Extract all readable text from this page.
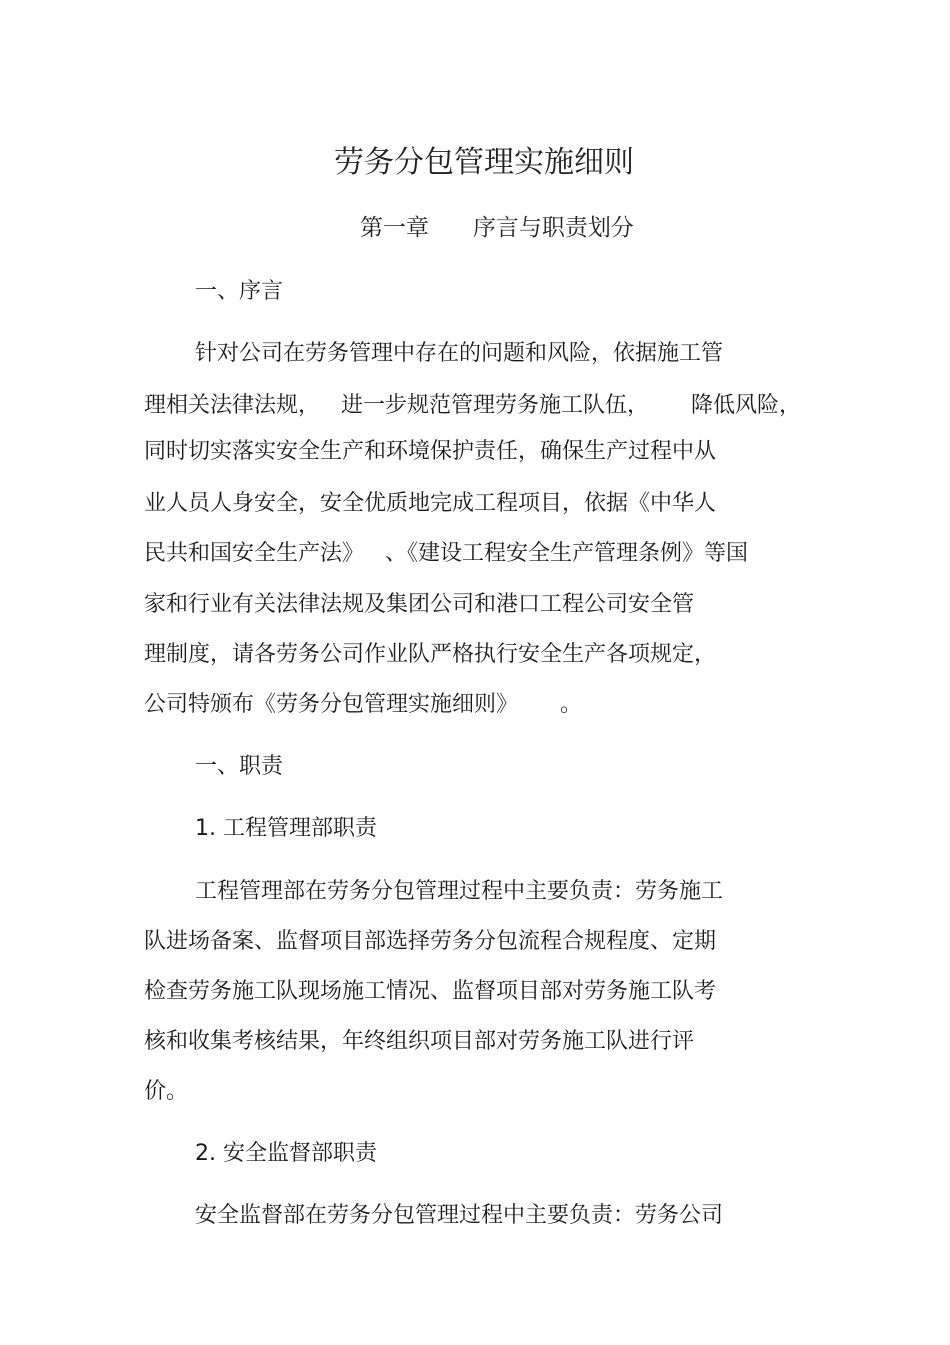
劳务分包管理实施细则
第一章      序言与职责划分
一、序言
针对公司在劳务管理中存在的问题和风险，依据施工管
理相关法律法规，   进一步规范管理劳务施工队伍，      降低风险，
同时切实落实安全生产和环境保护责任，确保生产过程中从
业人员人身安全，安全优质地完成工程项目，依据《中华人
民共和国安全生产法》   、《建设工程安全生产管理条例》等国
家和行业有关法律法规及集团公司和港口工程公司安全管
理制度，请各劳务公司作业队严格执行安全生产各项规定，
公司特颁布《劳务分包管理实施细则》      。
一、职责
1. 工程管理部职责
工程管理部在劳务分包管理过程中主要负责：劳务施工
队进场备案、监督项目部选择劳务分包流程合规程度、定期
检查劳务施工队现场施工情况、监督项目部对劳务施工队考
核和收集考核结果，年终组织项目部对劳务施工队进行评
价。
2. 安全监督部职责
安全监督部在劳务分包管理过程中主要负责：劳务公司
